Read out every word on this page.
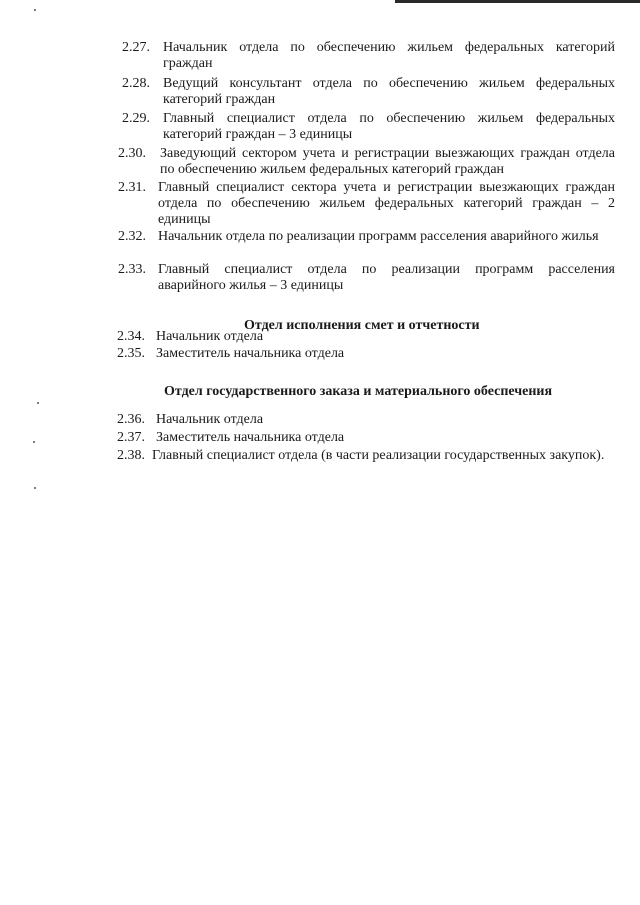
2.27. Начальник отдела по обеспечению жильем федеральных категорий граждан
2.28. Ведущий консультант отдела по обеспечению жильем федеральных категорий граждан
2.29. Главный специалист отдела по обеспечению жильем федеральных категорий граждан – 3 единицы
2.30.	Заведующий сектором учета и регистрации выезжающих граждан отдела по обеспечению жильем федеральных категорий граждан
2.31. Главный специалист сектора учета и регистрации выезжающих граждан отдела по обеспечению жильем федеральных категорий граждан – 2 единицы
2.32. Начальник отдела по реализации программ расселения аварийного жилья
2.33. Главный специалист отдела по реализации программ расселения аварийного жилья – 3 единицы
Отдел исполнения смет и отчетности
2.34. Начальник отдела
2.35. Заместитель начальника отдела
Отдел государственного заказа и материального обеспечения
2.36. Начальник отдела
2.37. Заместитель начальника отдела
2.38. Главный специалист отдела (в части реализации государственных закупок).
